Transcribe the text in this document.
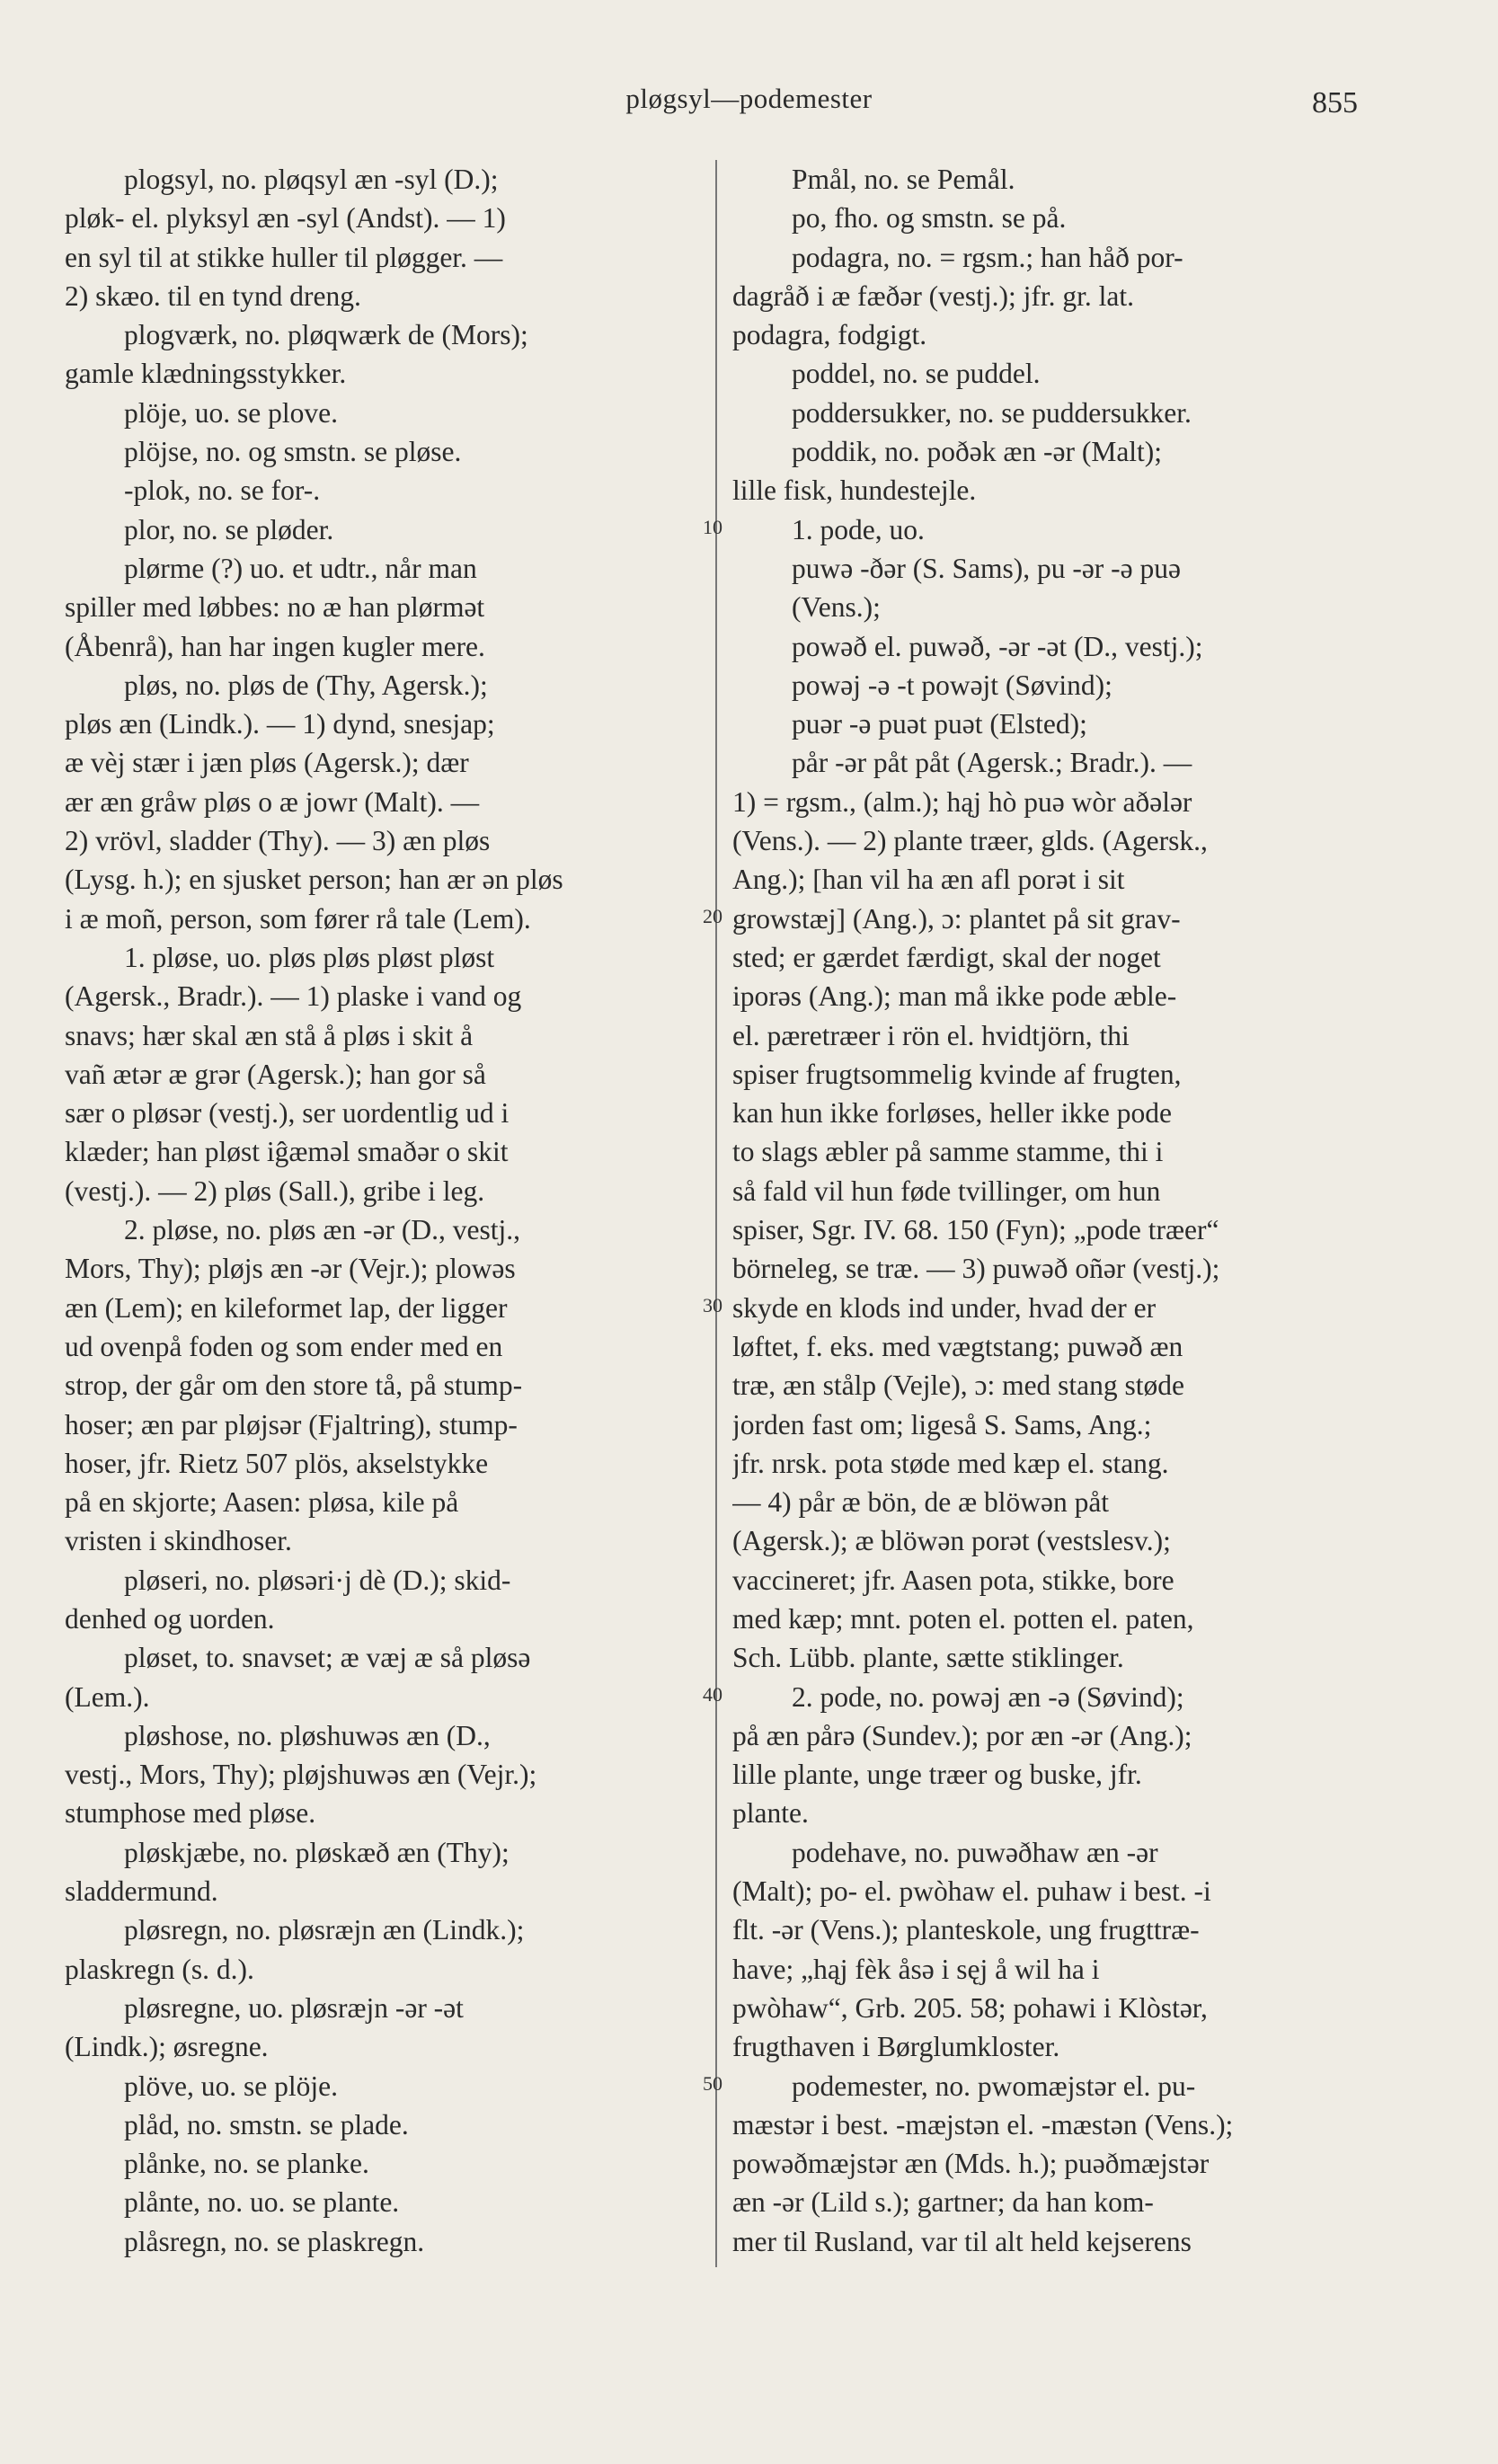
pløgsyl—podemester	855
plogsyl, no. pløqsyl æn -syl (D.);
pløk- el. plyksyl æn -syl (Andst). — 1)
en syl til at stikke huller til pløgger. —
2) skæo. til en tynd dreng.
plogværk, no. pløqwærk de (Mors);
gamle klædningsstykker.
plöje, uo. se plove.
plöjse, no. og smstn. se pløse.
-plok, no. se for-.
plor, no. se pløder.
plørme (?) uo. et udtr., når man
spiller med løbbes: no æ han plørmət
(Åbenrå), han har ingen kugler mere.
pløs, no. pløs de (Thy, Agersk.);
pløs æn (Lindk.). — 1) dynd, snesjap;
æ vèj stær i jæn pløs (Agersk.); dær
ær æn gråw pløs o æ jowr (Malt). —
2) vrövl, sladder (Thy). — 3) æn pløs
(Lysg. h.); en sjusket person; han ær ən pløs
i æ moñ, person, som fører rå tale (Lem).
1. pløse, uo. pløs pløs pløst pløst
(Agersk., Bradr.). — 1) plaske i vand og
snavs; hær skal æn stå å pløs i skit å
vañ ætər æ grər (Agersk.); han gor så
sær o pløsər (vestj.), ser uordentlig ud i
klæder; han pløst iĝæməl smaðər o skit
(vestj.). — 2) pløs (Sall.), gribe i leg.
2. pløse, no. pløs æn -ər (D., vestj.,
Mors, Thy); pløjs æn -ər (Vejr.); plowəs
æn (Lem); en kileformet lap, der ligger
ud ovenpå foden og som ender med en
strop, der går om den store tå, på stump-
hoser; æn par pløjsər (Fjaltring), stump-
hoser, jfr. Rietz 507 plös, akselstykke
på en skjorte; Aasen: pløsa, kile på
vristen i skindhoser.
pløseri, no. pløsəri·j dè (D.); skid-
denhed og uorden.
pløset, to. snavset; æ væj æ så pløsə
(Lem.).
pløshose, no. pløshuwəs æn (D.,
vestj., Mors, Thy); pløjshuwəs æn (Vejr.);
stumphose med pløse.
pløskjæbe, no. pløskæð æn (Thy);
sladdermund.
pløsregn, no. pløsræjn æn (Lindk.);
plaskregn (s. d.).
pløsregne, uo. pløsræjn -ər -ət
(Lindk.); øsregne.
plöve, uo. se plöje.
plåd, no. smstn. se plade.
plånke, no. se planke.
plånte, no. uo. se plante.
plåsregn, no. se plaskregn.
Pmål, no. se Pemål.
po, fho. og smstn. se på.
podagra, no. = rgsm.; han håð por-
dagråð i æ fæðər (vestj.); jfr. gr. lat.
podagra, fodgigt.
poddel, no. se puddel.
poddersukker, no. se puddersukker.
poddik, no. poðək æn -ər (Malt);
lille fisk, hundestejle.
1. pode, uo.
puwə -ðər (S. Sams), pu -ər -ə puə
(Vens.);
powəð el. puwəð, -ər -ət (D., vestj.);
powəj -ə -t powəjt (Søvind);
puər -ə puət puət (Elsted);
pår -ər påt påt (Agersk.; Bradr.). —
1) = rgsm., (alm.); hąj hò puə wòr aðələr
(Vens.). — 2) plante træer, glds. (Agersk.,
Ang.); [han vil ha æn afl porət i sit
growstæj] (Ang.), ɔ: plantet på sit grav-
sted; er gærdet færdigt, skal der noget
iporəs (Ang.); man må ikke pode æble-
el. pæretræer i rön el. hvidtjörn, thi
spiser frugtsommelig kvinde af frugten,
kan hun ikke forløses, heller ikke pode
to slags æbler på samme stamme, thi i
så fald vil hun føde tvillinger, om hun
spiser, Sgr. IV. 68. 150 (Fyn); „pode træer“
börneleg, se træ. — 3) puwəð oñər (vestj.);
skyde en klods ind under, hvad der er
løftet, f. eks. med vægtstang; puwəð æn
træ, æn stålp (Vejle), ɔ: med stang støde
jorden fast om; ligeså S. Sams, Ang.;
jfr. nrsk. pota støde med kæp el. stang.
— 4) pår æ bön, de æ blöwən påt
(Agersk.); æ blöwən porət (vestslesv.);
vaccineret; jfr. Aasen pota, stikke, bore
med kæp; mnt. poten el. potten el. paten,
Sch. Lübb. plante, sætte stiklinger.
2. pode, no. powəj æn -ə (Søvind);
på æn pårə (Sundev.); por æn -ər (Ang.);
lille plante, unge træer og buske, jfr.
plante.
podehave, no. puwəðhaw æn -ər
(Malt); po- el. pwòhaw el. puhaw i best. -i
flt. -ər (Vens.); planteskole, ung frugttræ-
have; „hąj fèk åsə i sęj å wil ha i
pwòhaw“, Grb. 205. 58; pohawi i Klòstər,
frugthaven i Børglumkloster.
podemester, no. pwomæjstər el. pu-
mæstər i best. -mæjstən el. -mæstən (Vens.);
powəðmæjstər æn (Mds. h.); puəðmæjstər
æn -ər (Lild s.); gartner; da han kom-
mer til Rusland, var til alt held kejserens
10
20
30
40
50
